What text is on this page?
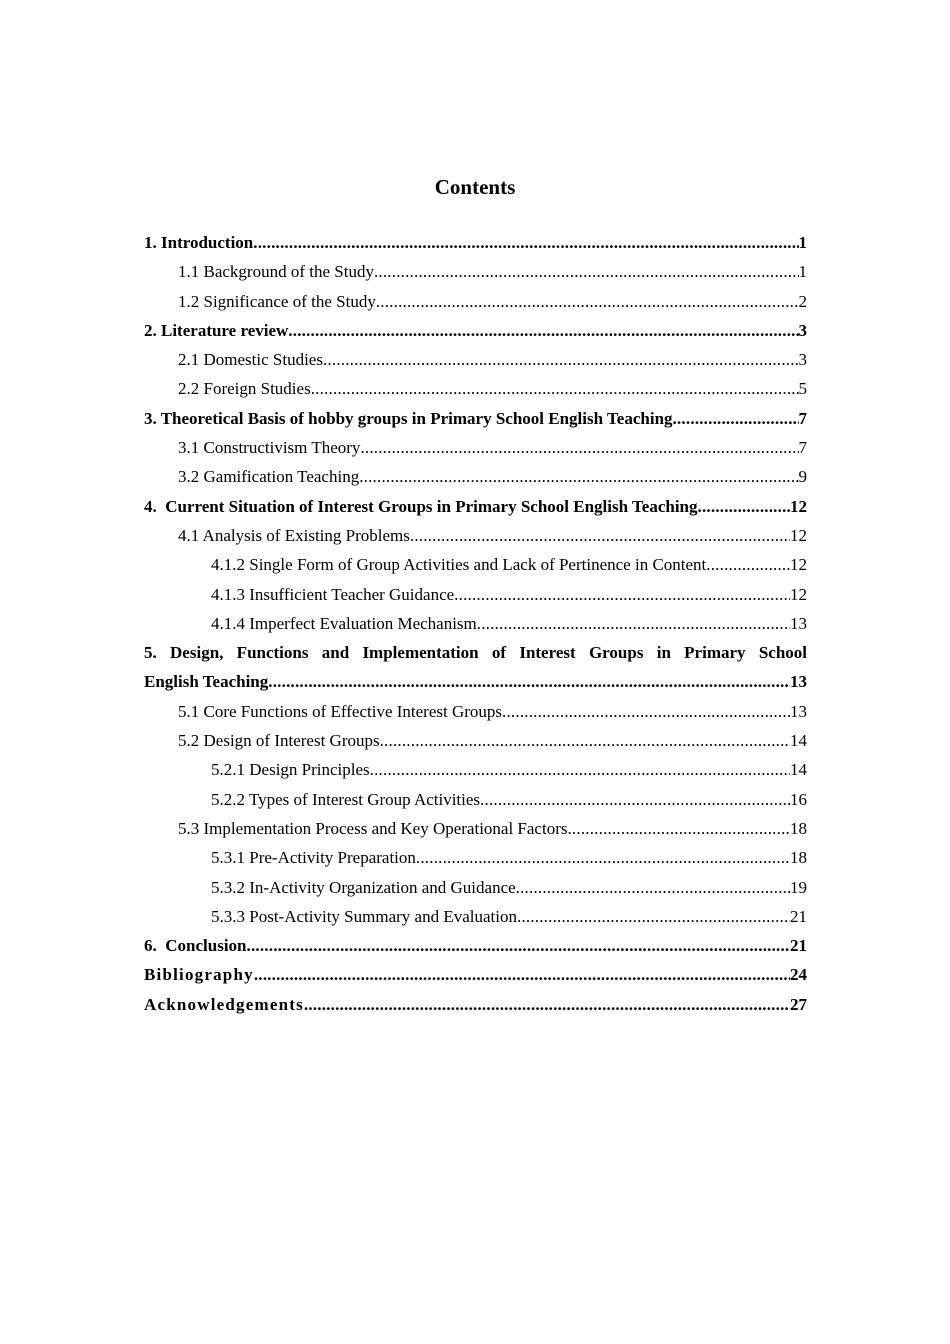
Contents
1. Introduction .....	1
1.1 Background of the Study .....	1
1.2 Significance of the Study .....	2
2. Literature review .....	3
2.1 Domestic Studies .....	3
2.2 Foreign Studies .....	5
3. Theoretical Basis of hobby groups in Primary School English Teaching .....	7
3.1 Constructivism Theory .....	7
3.2 Gamification Teaching .....	9
4.  Current Situation of Interest Groups in Primary School English Teaching .....	12
4.1 Analysis of Existing Problems .....	12
4.1.2 Single Form of Group Activities and Lack of Pertinence in Content .....	12
4.1.3 Insufficient Teacher Guidance .....	12
4.1.4 Imperfect Evaluation Mechanism .....	13
5. Design, Functions and Implementation of Interest Groups in Primary School
English Teaching .....	13
5.1 Core Functions of Effective Interest Groups .....	13
5.2 Design of Interest Groups .....	14
5.2.1 Design Principles .....	14
5.2.2 Types of Interest Group Activities .....	16
5.3 Implementation Process and Key Operational Factors .....	18
5.3.1 Pre-Activity Preparation .....	18
5.3.2 In-Activity Organization and Guidance .....	19
5.3.3 Post-Activity Summary and Evaluation .....	21
6.  Conclusion .....	21
Bibliography .....	24
Acknowledgements .....	27
